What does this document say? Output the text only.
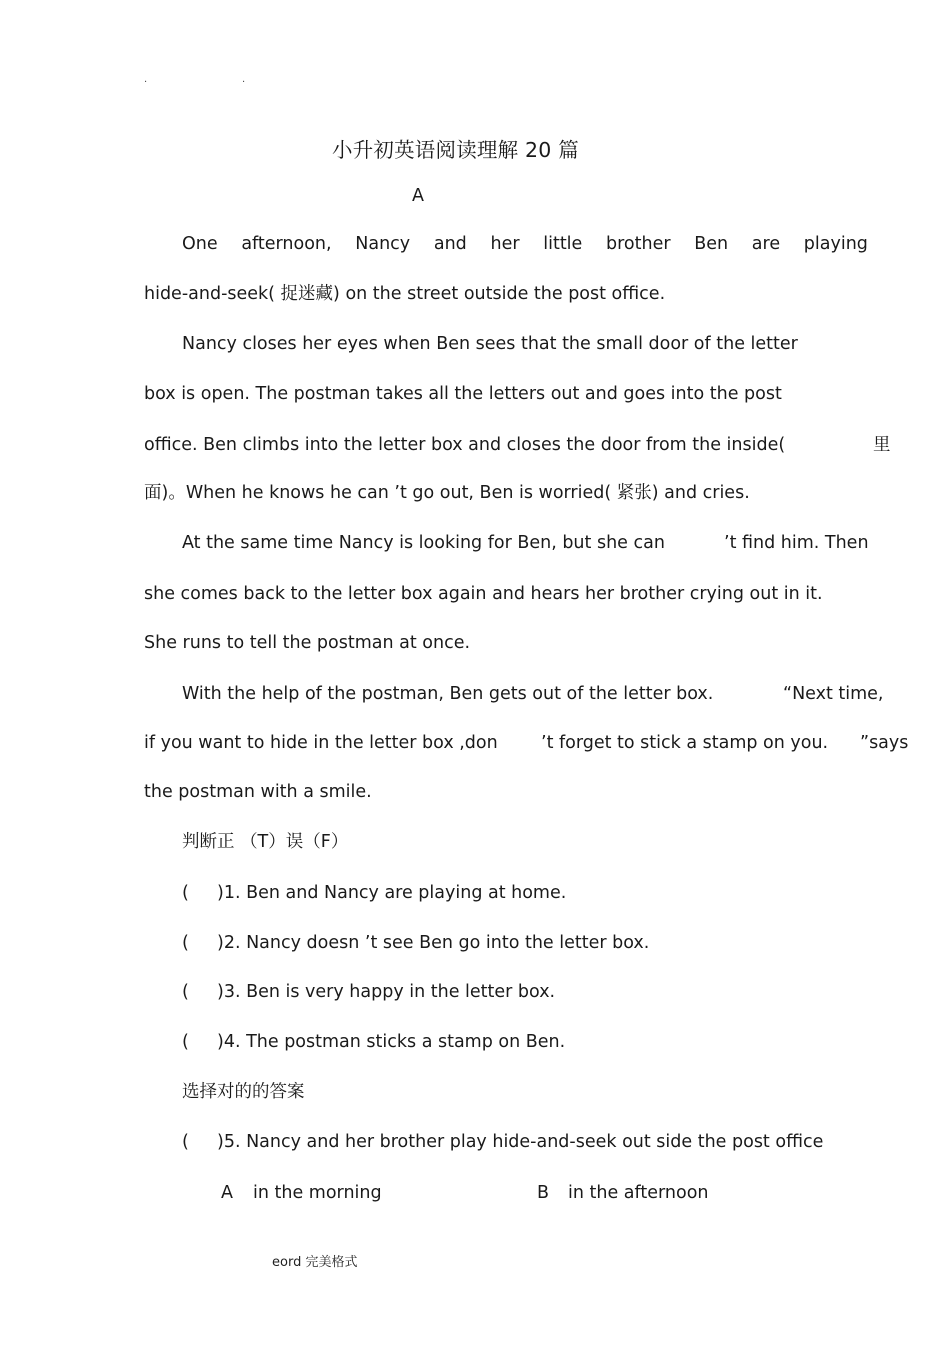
.	.
小升初英语阅读理解 20 篇
A
One afternoon, Nancy and her little brother Ben are playing
hide-and-seek( 捉迷藏) on the street outside the post office.
Nancy closes her eyes when Ben sees that the small door of the letter
box is open. The postman takes all the letters out and goes into the post
office. Ben climbs into the letter box and closes the door from the inside(	里
面)。When he knows he can ’t go out, Ben is worried( 紧张) and cries.
At the same time Nancy is looking for Ben, but she can	’t find him. Then
she comes back to the letter box again and hears her brother crying out in it.
She runs to tell the postman at once.
With the help of the postman, Ben gets out of the letter box.	“Next time,
if you want to hide in the letter box ,don ’t forget to stick a stamp on you. ”says
the postman with a smile.
判断正 （T）误（F）
( )1. Ben and Nancy are playing at home.
( )2. Nancy doesn ’t see Ben go into the letter box.
( )3. Ben is very happy in the letter box.
( )4. The postman sticks a stamp on Ben.
选择对的的答案
( )5. Nancy and her brother play hide-and-seek out side the post office
A in the morning	B in the afternoon
eord 完美格式
